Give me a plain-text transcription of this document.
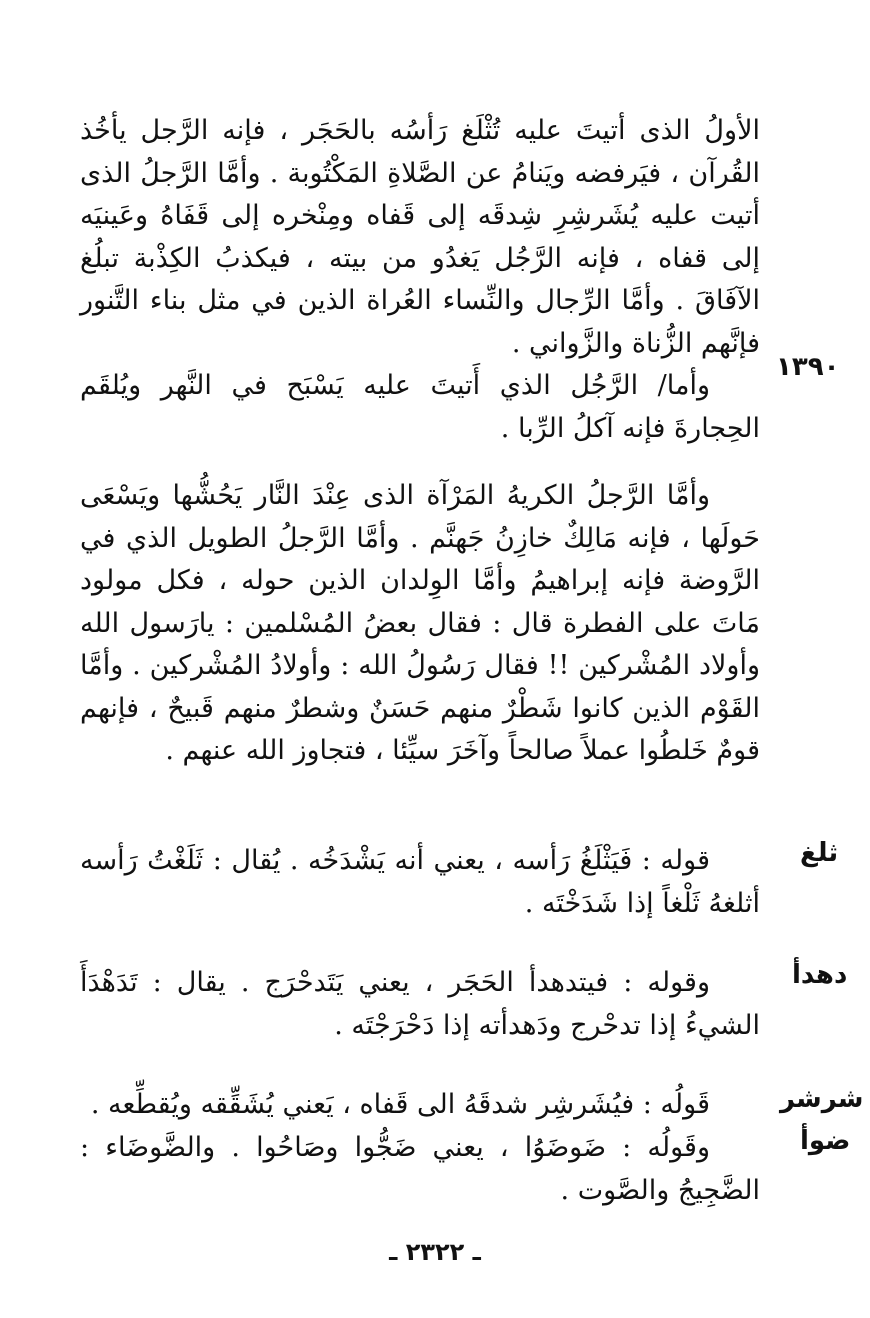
الأولُ الذى أتيتَ عليه تُثْلَغ رَأسُه بالحَجَر ، فإنه الرَّجل يأخُذ القُرآن ، فيَرفضه ويَنامُ عن الصَّلاةِ المَكْتُوبة . وأمَّا الرَّجلُ الذى أتيت عليه يُشَرشِرِ شِدقَه إلى قَفاه ومِنْخره إلى قَفَاهُ وعَينيَه إلى قفاه ، فإنه الرَّجُل يَغدُو من بيته ، فيكذبُ الكِذْبة تبلُغ الآفَاقَ . وأمَّا الرِّجال والنِّساء العُراة الذين في مثل بناء التَّنور فإنَّهم الزُّناة والزَّواني .

وأما/ الرَّجُل الذي أَتيتَ عليه يَسْبَح في النَّهر ويُلقَم الحِجارةَ فإنه آكلُ الرِّبا .

١٣٩٠

وأمَّا الرَّجلُ الكريهُ المَرْآة الذى عِنْدَ النَّار يَحُشُّها ويَسْعَى حَولَها ، فإنه مَالِكٌ خازِنُ جَهنَّم . وأمَّا الرَّجلُ الطويل الذي في الرَّوضة فإنه إبراهيمُ وأمَّا الوِلدان الذين حوله ، فكل مولود مَاتَ على الفطرة قال : فقال بعضُ المُسْلمين : يارَسول الله وأولاد المُشْركين !! فقال رَسُولُ الله : وأولادُ المُشْركين . وأمَّا القَوْم الذين كانوا شَطْرٌ منهم حَسَنٌ وشطرٌ منهم قَبيحٌ ، فإنهم قومٌ خَلطُوا عملاً صالحاً وآخَرَ سيِّئا ، فتجاوز الله عنهم .

ثلغ

قوله : فَيَثْلَغُ رَأسه ، يعني أنه يَشْدَخُه . يُقال : ثَلَغْتُ رَأسه أثلغهُ ثَلْغاً إذا شَدَخْتَه .

دهدأ

وقوله : فيتدهدأ الحَجَر ، يعني يَتَدحْرَج . يقال : تَدَهْدَأَ الشيءُ إذا تدحْرج ودَهدأته إذا دَحْرَجْتَه .

شرشر

قَولُه : فيُشَرشِر شدقَهُ الى قَفاه ، يَعني يُشَقِّقه ويُقطِّعه .

ضوأ

وقَولُه : ضَوضَوُا ، يعني ضَجُّوا وصَاحُوا . والضَّوضَاء : الضَّجِيجُ والصَّوت .

ـ ٢٣٢٢ ـ
